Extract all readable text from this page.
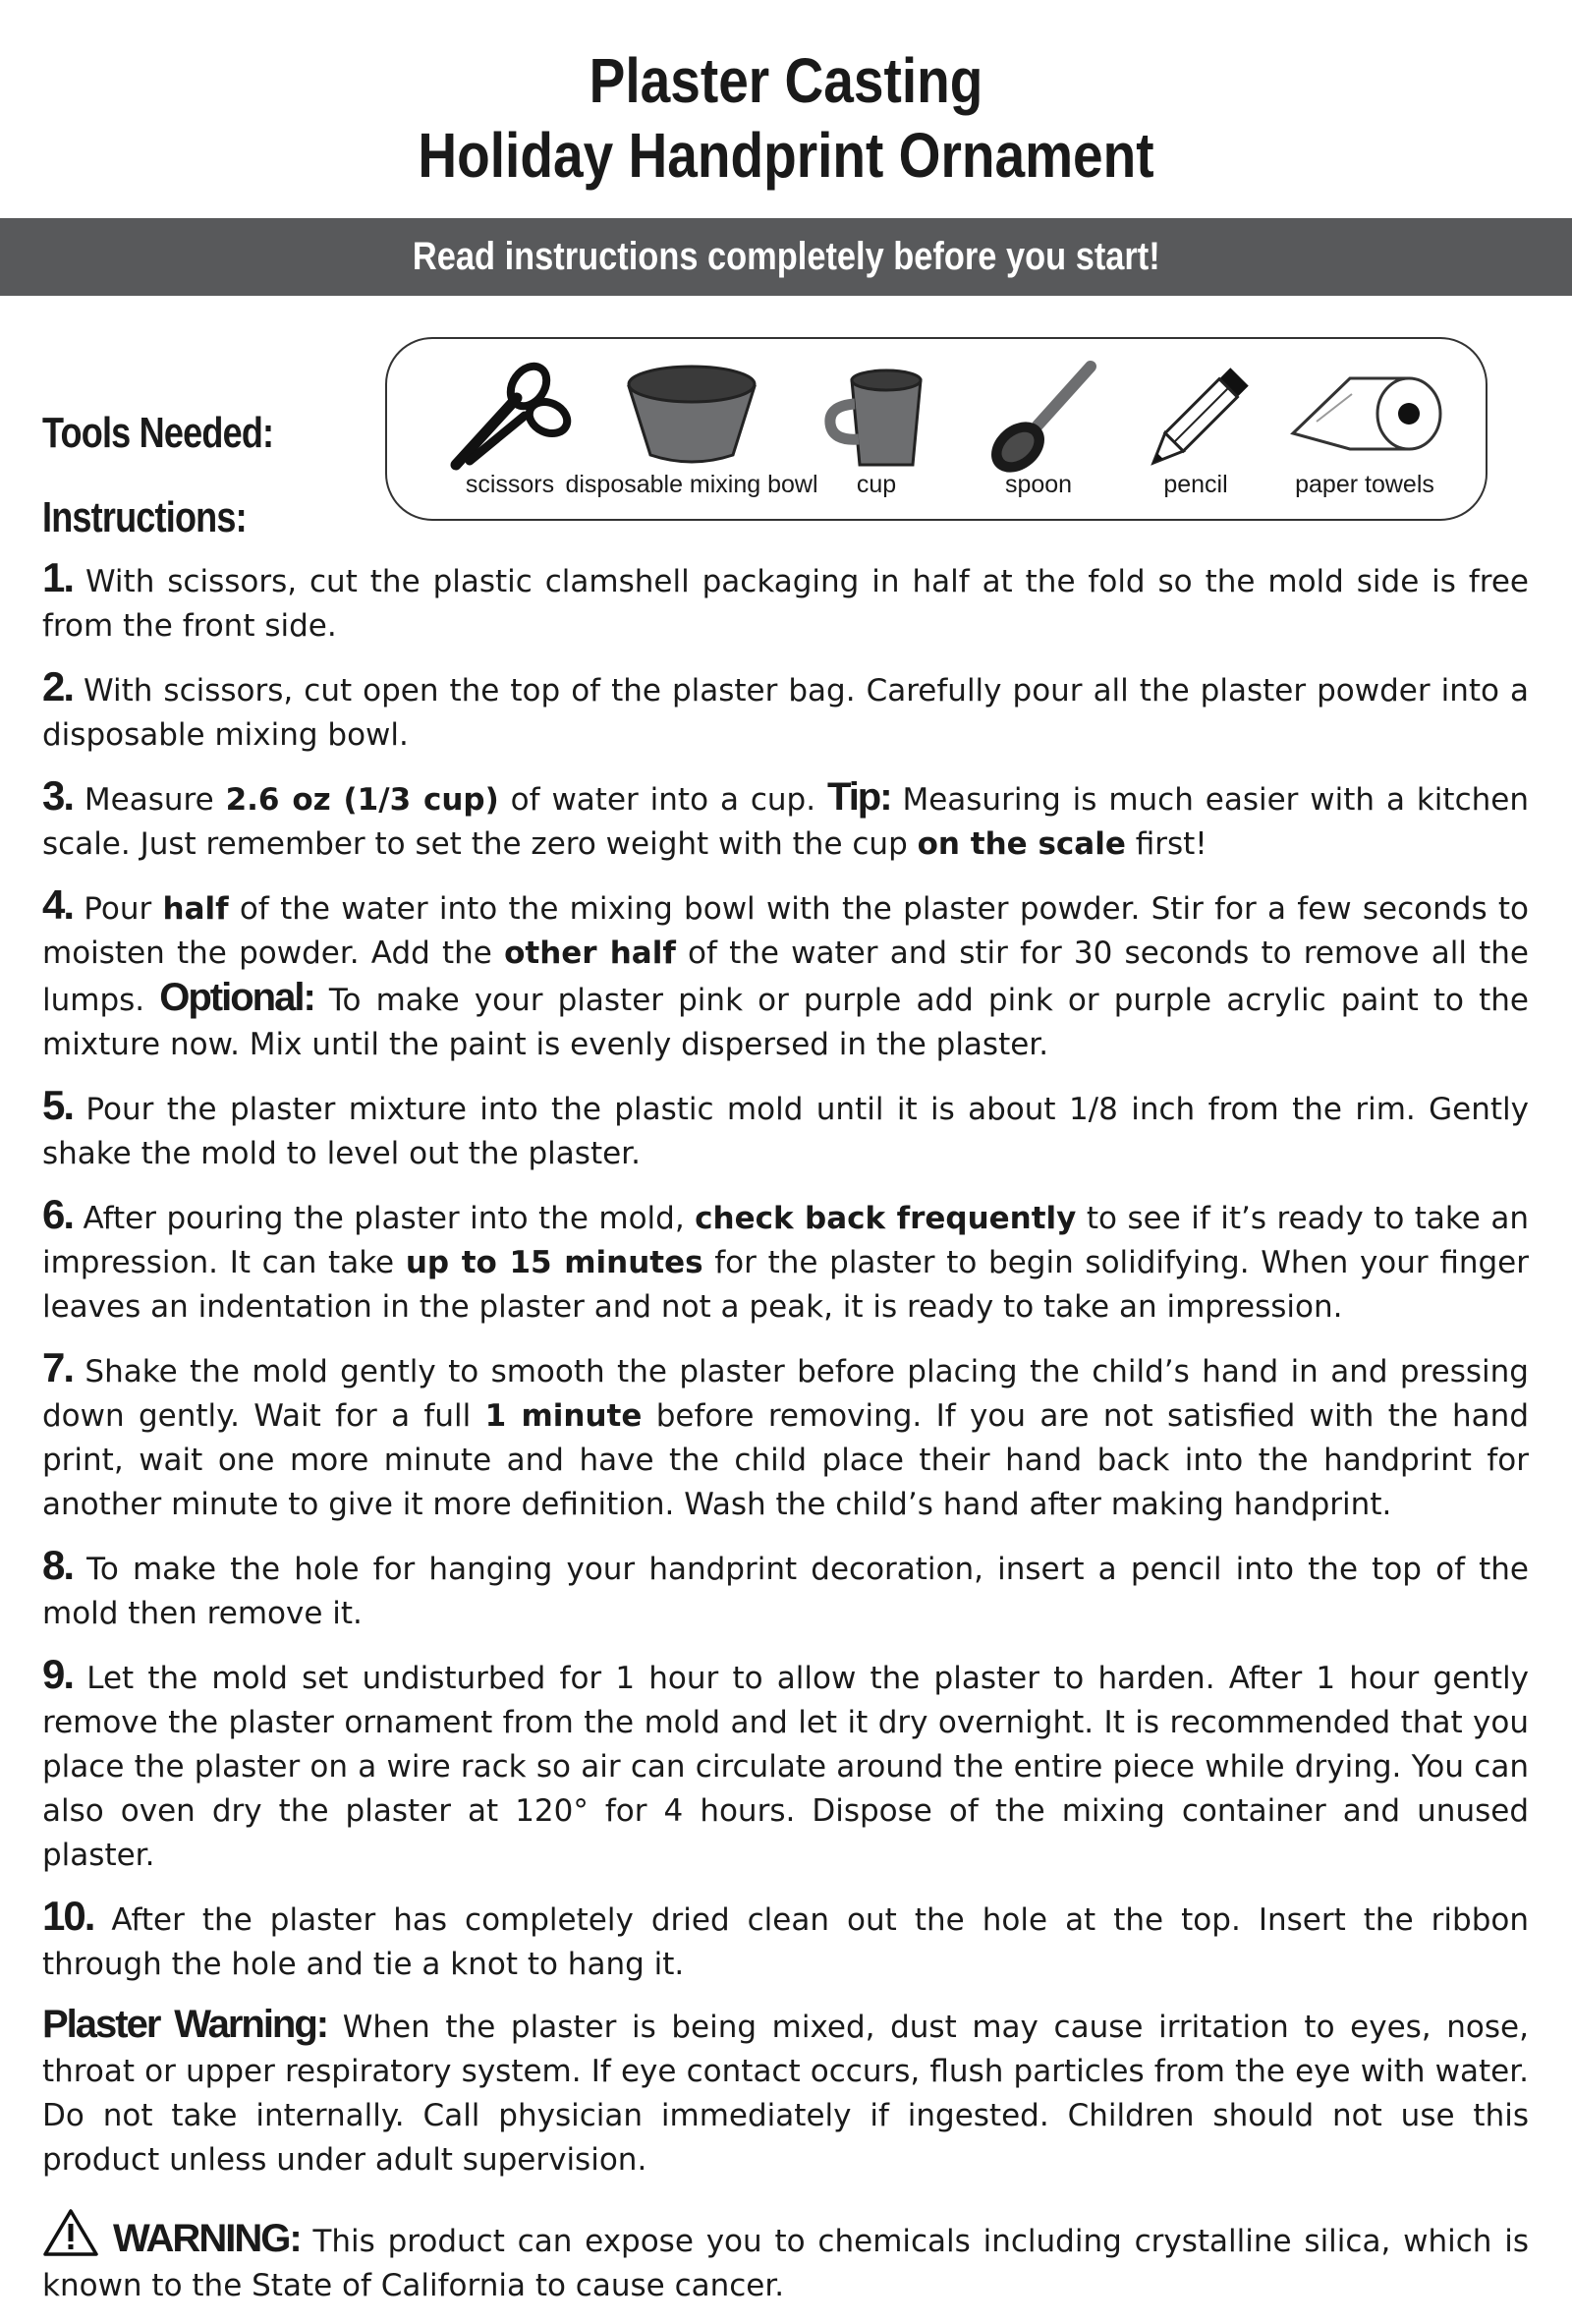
Plaster Casting
Holiday Handprint Ornament
Read instructions completely before you start!
Tools Needed:
Instructions:
scissors disposable mixing bowl	cup	spoon	pencil	paper towels

1. With scissors, cut the plastic clamshell packaging in half at the fold so the mold side is free from the front side.

2. With scissors, cut open the top of the plaster bag. Carefully pour all the plaster powder into a disposable mixing bowl.

3. Measure 2.6 oz (1/3 cup) of water into a cup. Tip: Measuring is much easier with a kitchen scale. Just remember to set the zero weight with the cup on the scale first!

4. Pour half of the water into the mixing bowl with the plaster powder. Stir for a few seconds to moisten the powder. Add the other half of the water and stir for 30 seconds to remove all the lumps. Optional: To make your plaster pink or purple add pink or purple acrylic paint to the mixture now. Mix until the paint is evenly dispersed in the plaster.

5. Pour the plaster mixture into the plastic mold until it is about 1/8 inch from the rim. Gently shake the mold to level out the plaster.

6. After pouring the plaster into the mold, check back frequently to see if it’s ready to take an impression. It can take up to 15 minutes for the plaster to begin solidifying. When your finger leaves an indentation in the plaster and not a peak, it is ready to take an impression.

7. Shake the mold gently to smooth the plaster before placing the child’s hand in and pressing down gently. Wait for a full 1 minute before removing. If you are not satisfied with the hand print, wait one more minute and have the child place their hand back into the handprint for another minute to give it more definition. Wash the child’s hand after making handprint.

8. To make the hole for hanging your handprint decoration, insert a pencil into the top of the mold then remove it.

9. Let the mold set undisturbed for 1 hour to allow the plaster to harden. After 1 hour gently remove the plaster ornament from the mold and let it dry overnight. It is recommended that you place the plaster on a wire rack so air can circulate around the entire piece while drying. You can also oven dry the plaster at 120° for 4 hours. Dispose of the mixing container and unused plaster.

10. After the plaster has completely dried clean out the hole at the top. Insert the ribbon through the hole and tie a knot to hang it.

Plaster Warning: When the plaster is being mixed, dust may cause irritation to eyes, nose, throat or upper respiratory system. If eye contact occurs, flush particles from the eye with water. Do not take internally. Call physician immediately if ingested. Children should not use this product unless under adult supervision.

WARNING: This product can expose you to chemicals including crystalline silica, which is known to the State of California to cause cancer.
